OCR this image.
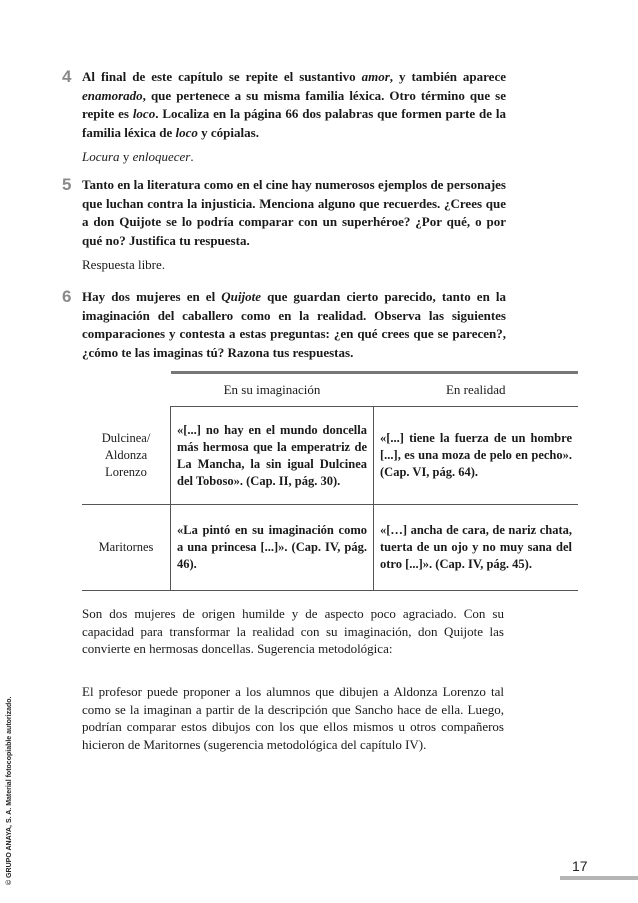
4 Al final de este capítulo se repite el sustantivo amor, y también aparece enamorado, que pertenece a su misma familia léxica. Otro término que se repite es loco. Localiza en la página 66 dos palabras que formen parte de la familia léxica de loco y cópialas.
Locura y enloquecer.
5 Tanto en la literatura como en el cine hay numerosos ejemplos de personajes que luchan contra la injusticia. Menciona alguno que recuerdes. ¿Crees que a don Quijote se lo podría comparar con un superhéroe? ¿Por qué, o por qué no? Justifica tu respuesta.
Respuesta libre.
6 Hay dos mujeres en el Quijote que guardan cierto parecido, tanto en la imaginación del caballero como en la realidad. Observa las siguientes comparaciones y contesta a estas preguntas: ¿en qué crees que se parecen?, ¿cómo te las imaginas tú? Razona tus respuestas.
	En su imaginación	En realidad
Dulcinea/ Aldonza Lorenzo	«[...] no hay en el mundo doncella más hermosa que la emperatriz de La Mancha, la sin igual Dulcinea del Toboso». (Cap. II, pág. 30).	«[...] tiene la fuerza de un hombre [...], es una moza de pelo en pecho». (Cap. VI, pág. 64).
Maritornes	«La pintó en su imaginación como a una princesa [...]». (Cap. IV, pág. 46).	«[…] ancha de cara, de nariz chata, tuerta de un ojo y no muy sana del otro [...]». (Cap. IV, pág. 45).
Son dos mujeres de origen humilde y de aspecto poco agraciado. Con su capacidad para transformar la realidad con su imaginación, don Quijote las convierte en hermosas doncellas. Sugerencia metodológica:
El profesor puede proponer a los alumnos que dibujen a Aldonza Lorenzo tal como se la imaginan a partir de la descripción que Sancho hace de ella. Luego, podrían comparar estos dibujos con los que ellos mismos u otros compañeros hicieron de Maritornes (sugerencia metodológica del capítulo IV).
© GRUPO ANAYA, S. A. Material fotocopiable autorizado.	17
